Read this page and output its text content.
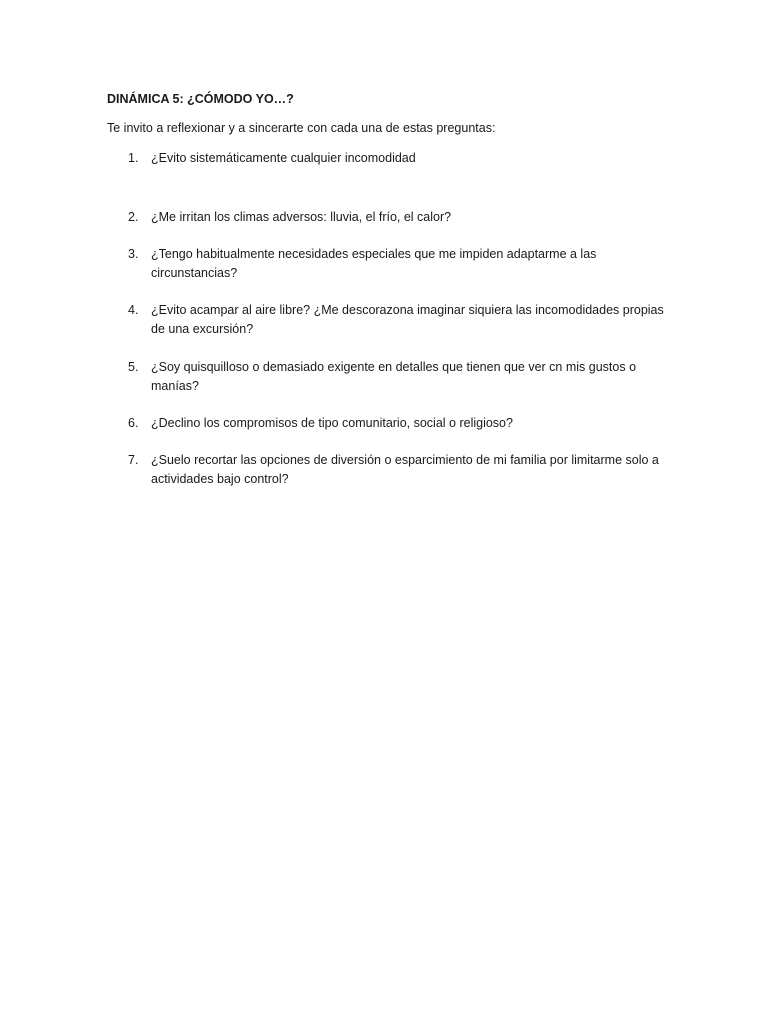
DINÁMICA 5: ¿CÓMODO YO…?
Te invito a reflexionar y a sincerarte con cada una de estas preguntas:
1.	¿Evito sistemáticamente cualquier incomodidad
2.	¿Me irritan los climas adversos: lluvia, el frío, el calor?
3.	¿Tengo habitualmente necesidades especiales que me impiden adaptarme a las circunstancias?
4.	¿Evito acampar al aire libre? ¿Me descorazona imaginar siquiera las incomodidades propias de una excursión?
5.	¿Soy quisquilloso o demasiado exigente en detalles que tienen que ver cn mis gustos o manías?
6.	¿Declino los compromisos de tipo comunitario, social o religioso?
7.	¿Suelo recortar las opciones de diversión o esparcimiento de mi familia por limitarme solo a actividades bajo control?
